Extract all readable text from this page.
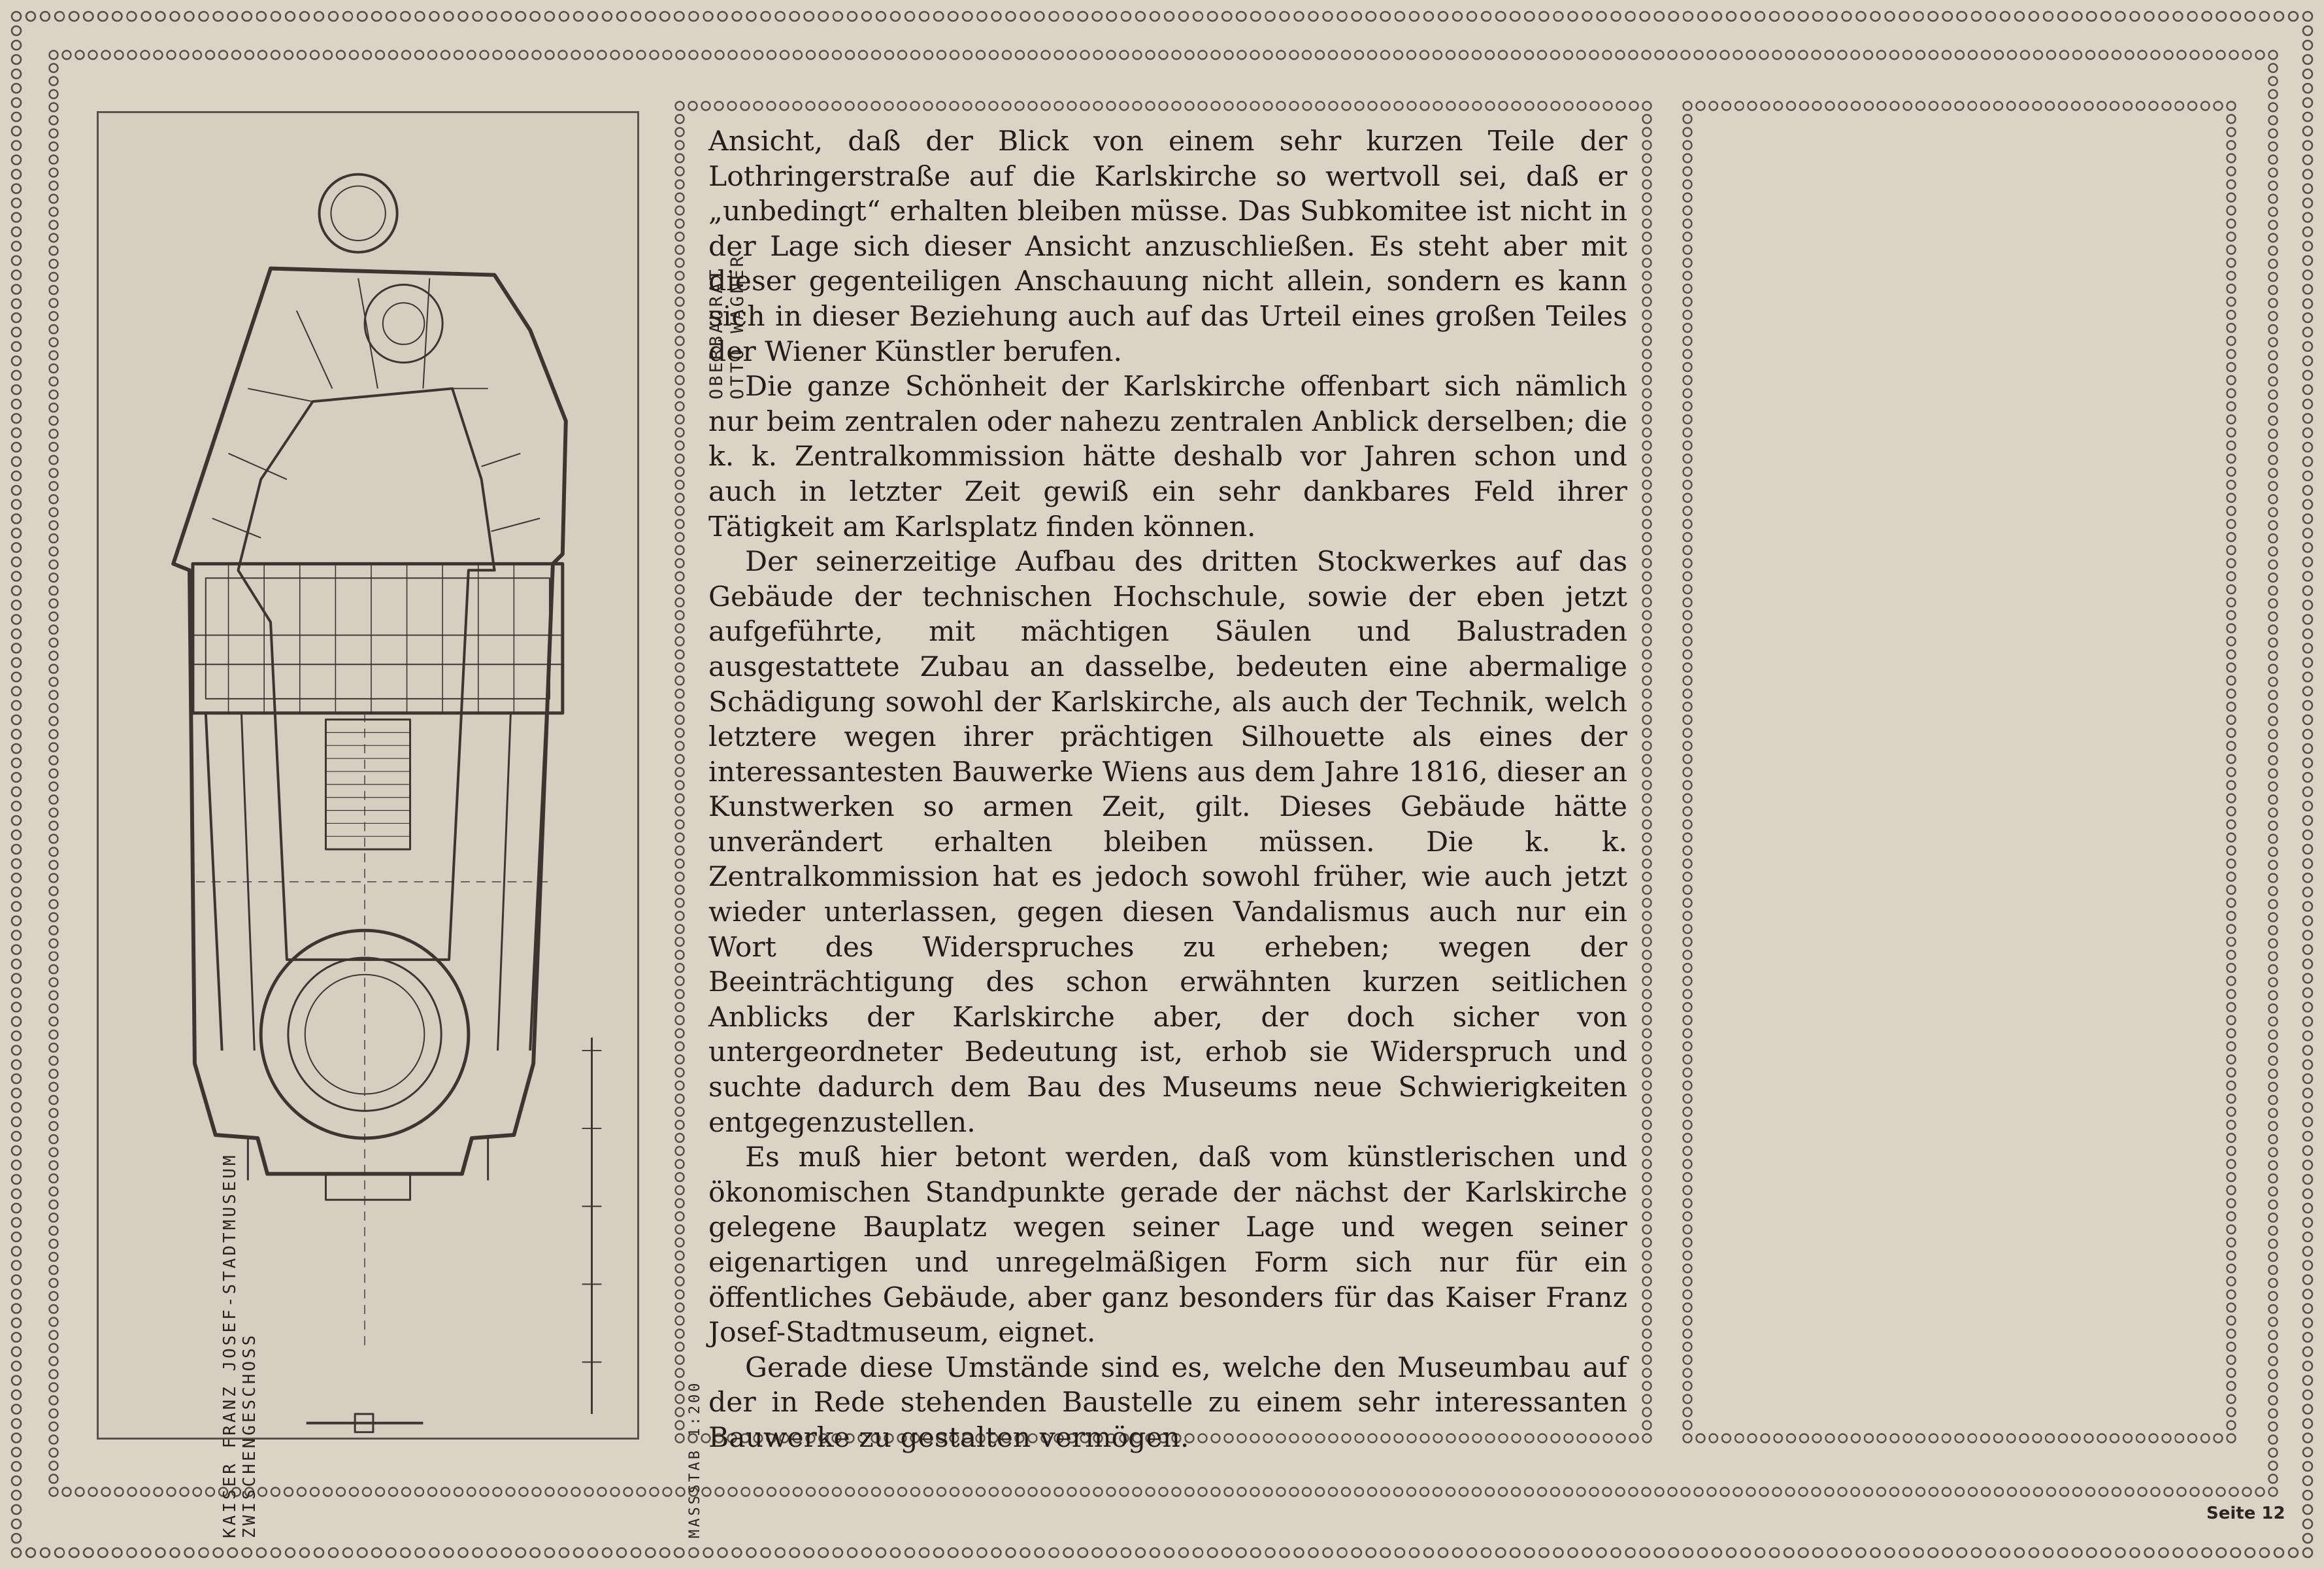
KAISER FRANZ JOSEF-STADTMUSEUM ZWISCHENGESCHOSS
OBERBAURAT OTTO WAGNER
MASSSTAB 1:200

Ansicht, daß der Blick von einem sehr kurzen Teile der Lothringerstraße auf die Karlskirche so wertvoll sei, daß er „unbedingt“ erhalten bleiben müsse. Das Subkomitee ist nicht in der Lage sich dieser Ansicht anzuschließen. Es steht aber mit dieser gegenteiligen Anschauung nicht allein, sondern es kann sich in dieser Beziehung auch auf das Urteil eines großen Teiles der Wiener Künstler berufen.

Die ganze Schönheit der Karlskirche offenbart sich nämlich nur beim zentralen oder nahezu zentralen Anblick derselben; die k. k. Zentralkommission hätte deshalb vor Jahren schon und auch in letzter Zeit gewiß ein sehr dankbares Feld ihrer Tätigkeit am Karlsplatz finden können.

Der seinerzeitige Aufbau des dritten Stockwerkes auf das Gebäude der technischen Hochschule, sowie der eben jetzt aufgeführte, mit mächtigen Säulen und Balustraden ausgestattete Zubau an dasselbe, bedeuten eine abermalige Schädigung sowohl der Karlskirche, als auch der Technik, welch letztere wegen ihrer prächtigen Silhouette als eines der interessantesten Bauwerke Wiens aus dem Jahre 1816, dieser an Kunstwerken so armen Zeit, gilt. Dieses Gebäude hätte unverändert erhalten bleiben müssen. Die k. k. Zentralkommission hat es jedoch sowohl früher, wie auch jetzt wieder unterlassen, gegen diesen Vandalismus auch nur ein Wort des Widerspruches zu erheben; wegen der Beeinträchtigung des schon erwähnten kurzen seitlichen Anblicks der Karlskirche aber, der doch sicher von untergeordneter Bedeutung ist, erhob sie Widerspruch und suchte dadurch dem Bau des Museums neue Schwierigkeiten entgegenzustellen.

Es muß hier betont werden, daß vom künstlerischen und ökonomischen Standpunkte gerade der nächst der Karlskirche gelegene Bauplatz wegen seiner Lage und wegen seiner eigenartigen und unregelmäßigen Form sich nur für ein öffentliches Gebäude, aber ganz besonders für das Kaiser Franz Josef-Stadtmuseum, eignet.

Gerade diese Umstände sind es, welche den Museumbau auf der in Rede stehenden Baustelle zu einem sehr interessanten Bauwerke zu gestalten vermögen.

Seite 12
